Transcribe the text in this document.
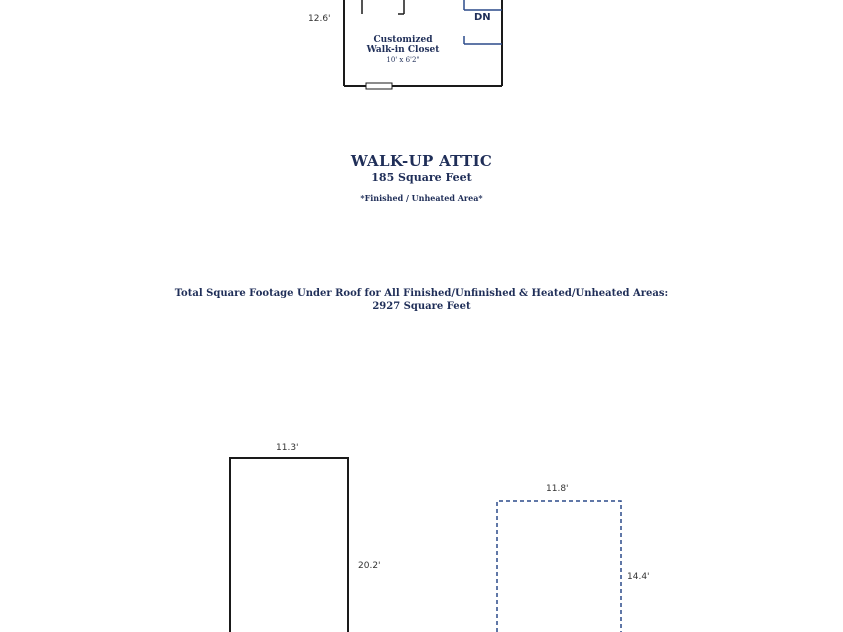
12.6'
Customized
Walk-in Closet
10' x 6'2"
DN
WALK-UP ATTIC
185 Square Feet
*Finished / Unheated Area*
Total Square Footage Under Roof for All Finished/Unfinished & Heated/Unheated Areas:
2927 Square Feet
11.3'
20.2'
11.8'
14.4'
